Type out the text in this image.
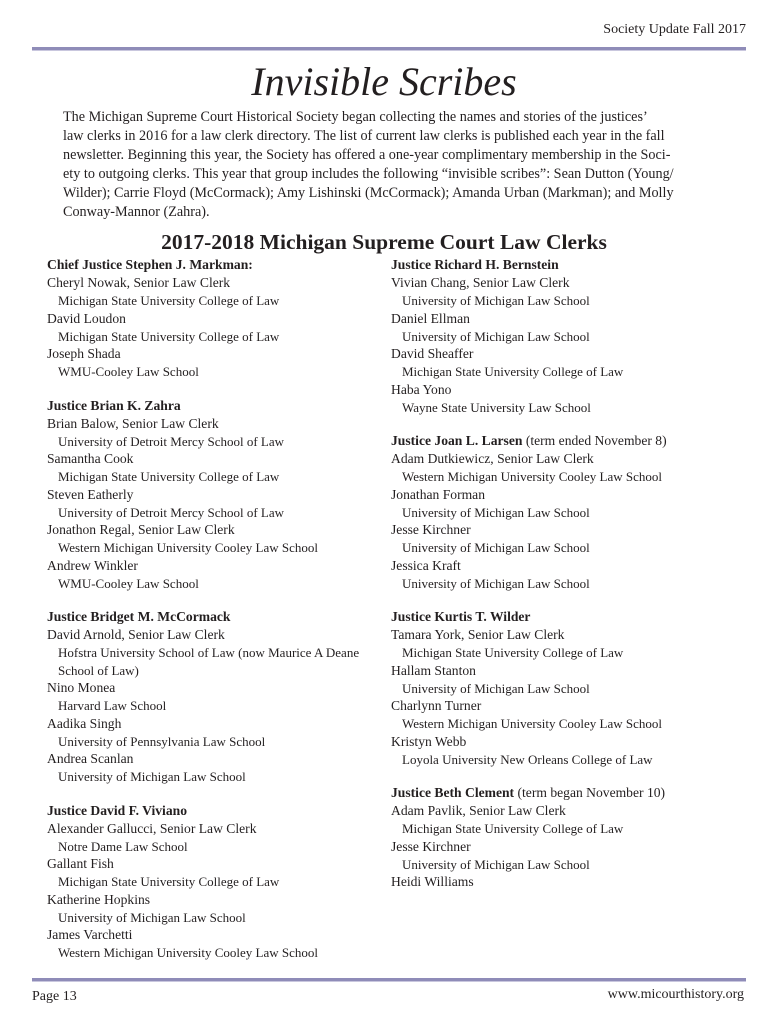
Society Update Fall 2017
Invisible Scribes
The Michigan Supreme Court Historical Society began collecting the names and stories of the justices’
law clerks in 2016 for a law clerk directory. The list of current law clerks is published each year in the fall
newsletter. Beginning this year, the Society has offered a one-year complimentary membership in the Soci-
ety to outgoing clerks. This year that group includes the following “invisible scribes”: Sean Dutton (Young/
Wilder); Carrie Floyd (McCormack); Amy Lishinski (McCormack); Amanda Urban (Markman); and Molly
Conway-Mannor (Zahra).
2017-2018 Michigan Supreme Court Law Clerks
Chief Justice Stephen J. Markman:
Cheryl Nowak, Senior Law Clerk
Michigan State University College of Law
David Loudon
Michigan State University College of Law
Joseph Shada
WMU-Cooley Law School
Justice Brian K. Zahra
Brian Balow, Senior Law Clerk
University of Detroit Mercy School of Law
Samantha Cook
Michigan State University College of Law
Steven Eatherly
University of Detroit Mercy School of Law
Jonathon Regal, Senior Law Clerk
Western Michigan University Cooley Law School
Andrew Winkler
WMU-Cooley Law School
Justice Bridget M. McCormack
David Arnold, Senior Law Clerk
Hofstra University School of Law (now Maurice A Deane School of Law)
Nino Monea
Harvard Law School
Aadika Singh
University of Pennsylvania Law School
Andrea Scanlan
University of Michigan Law School
Justice David F. Viviano
Alexander Gallucci, Senior Law Clerk
Notre Dame Law School
Gallant Fish
Michigan State University College of Law
Katherine Hopkins
University of Michigan Law School
James Varchetti
Western Michigan University Cooley Law School
Justice Richard H. Bernstein
Vivian Chang, Senior Law Clerk
University of Michigan Law School
Daniel Ellman
University of Michigan Law School
David Sheaffer
Michigan State University College of Law
Haba Yono
Wayne State University Law School
Justice Joan L. Larsen (term ended November 8)
Adam Dutkiewicz, Senior Law Clerk
Western Michigan University Cooley Law School
Jonathan Forman
University of Michigan Law School
Jesse Kirchner
University of Michigan Law School
Jessica Kraft
University of Michigan Law School
Justice Kurtis T. Wilder
Tamara York, Senior Law Clerk
Michigan State University College of Law
Hallam Stanton
University of Michigan Law School
Charlynn Turner
Western Michigan University Cooley Law School
Kristyn Webb
Loyola University New Orleans College of Law
Justice Beth Clement (term began November 10)
Adam Pavlik, Senior Law Clerk
Michigan State University College of Law
Jesse Kirchner
University of Michigan Law School
Heidi Williams
Page 13	www.micourthistory.org
